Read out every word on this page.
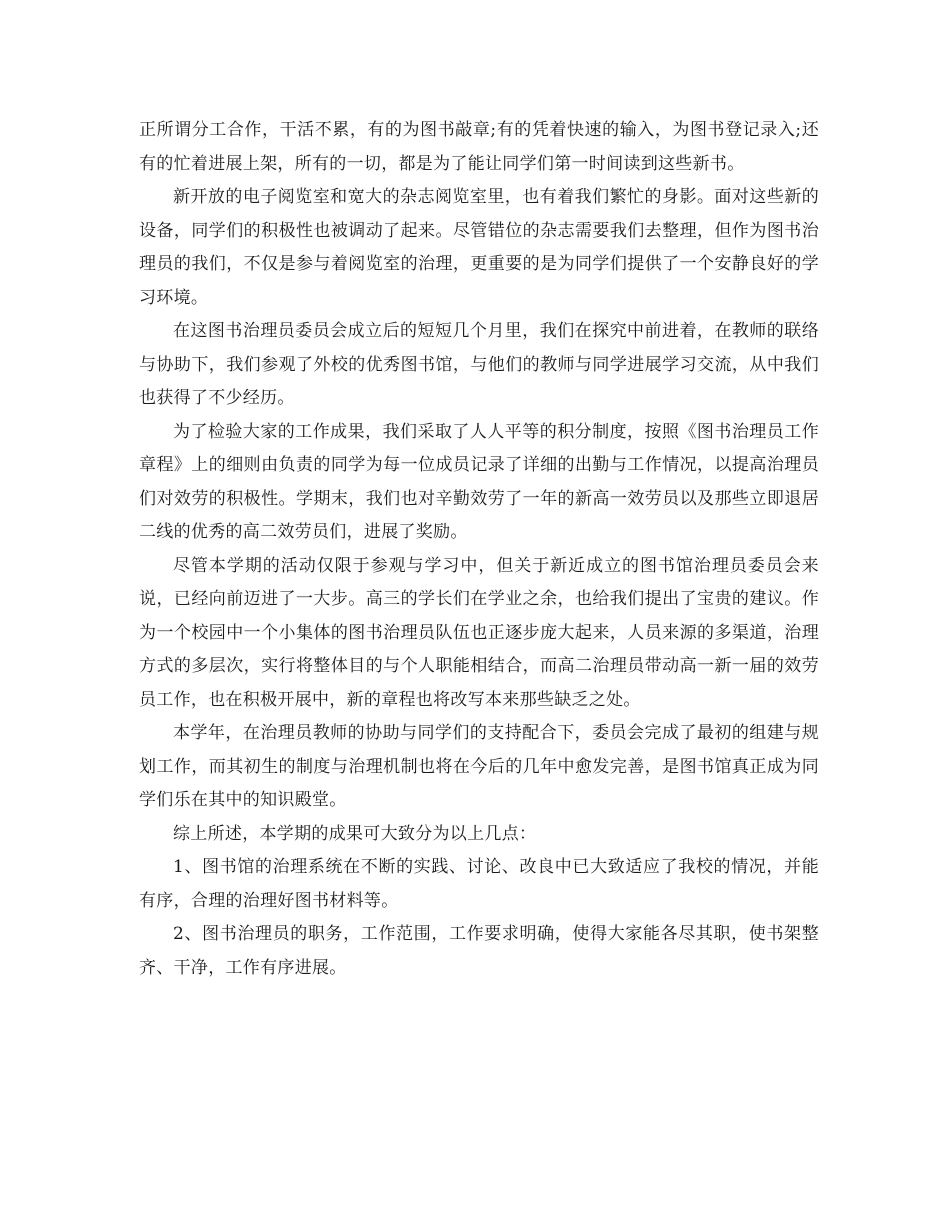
正所谓分工合作，干活不累，有的为图书敲章;有的凭着快速的输入，为图书登记录入;还有的忙着进展上架，所有的一切，都是为了能让同学们第一时间读到这些新书。

新开放的电子阅览室和宽大的杂志阅览室里，也有着我们繁忙的身影。面对这些新的设备，同学们的积极性也被调动了起来。尽管错位的杂志需要我们去整理，但作为图书治理员的我们，不仅是参与着阅览室的治理，更重要的是为同学们提供了一个安静良好的学习环境。

在这图书治理员委员会成立后的短短几个月里，我们在探究中前进着，在教师的联络与协助下，我们参观了外校的优秀图书馆，与他们的教师与同学进展学习交流，从中我们也获得了不少经历。

为了检验大家的工作成果，我们采取了人人平等的积分制度，按照《图书治理员工作章程》上的细则由负责的同学为每一位成员记录了详细的出勤与工作情况，以提高治理员们对效劳的积极性。学期末，我们也对辛勤效劳了一年的新高一效劳员以及那些立即退居二线的优秀的高二效劳员们，进展了奖励。

尽管本学期的活动仅限于参观与学习中，但关于新近成立的图书馆治理员委员会来说，已经向前迈进了一大步。高三的学长们在学业之余，也给我们提出了宝贵的建议。作为一个校园中一个小集体的图书治理员队伍也正逐步庞大起来，人员来源的多渠道，治理方式的多层次，实行将整体目的与个人职能相结合，而高二治理员带动高一新一届的效劳员工作，也在积极开展中，新的章程也将改写本来那些缺乏之处。

本学年，在治理员教师的协助与同学们的支持配合下，委员会完成了最初的组建与规划工作，而其初生的制度与治理机制也将在今后的几年中愈发完善，是图书馆真正成为同学们乐在其中的知识殿堂。

综上所述，本学期的成果可大致分为以上几点：

1、图书馆的治理系统在不断的实践、讨论、改良中已大致适应了我校的情况，并能有序，合理的治理好图书材料等。

2、图书治理员的职务，工作范围，工作要求明确，使得大家能各尽其职，使书架整齐、干净，工作有序进展。
